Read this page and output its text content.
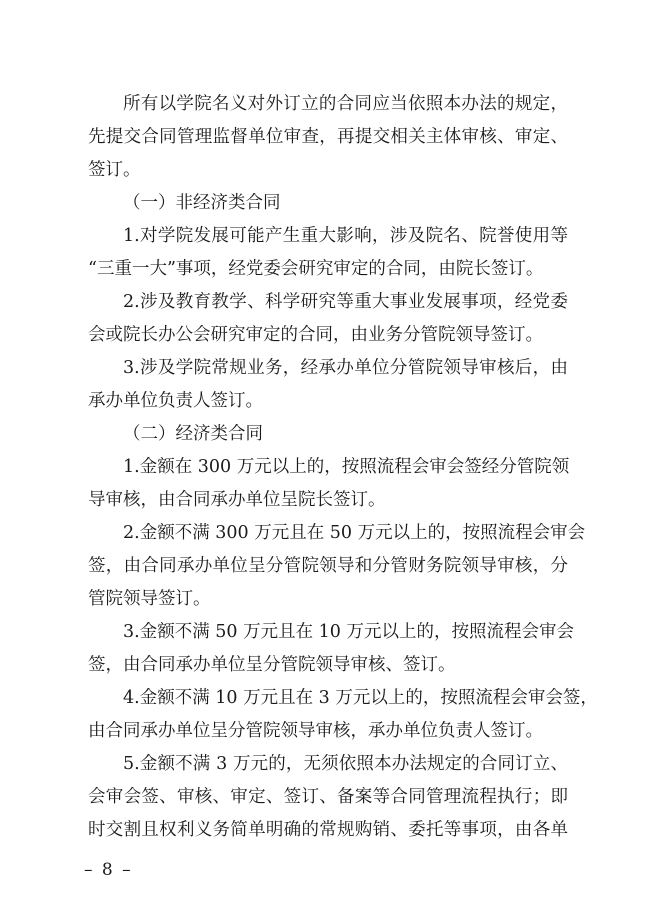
所有以学院名义对外订立的合同应当依照本办法的规定，
先提交合同管理监督单位审查，再提交相关主体审核、审定、
签订。
（一）非经济类合同
1.对学院发展可能产生重大影响，涉及院名、院誉使用等
“三重一大”事项，经党委会研究审定的合同，由院长签订。
2.涉及教育教学、科学研究等重大事业发展事项，经党委
会或院长办公会研究审定的合同，由业务分管院领导签订。
3.涉及学院常规业务，经承办单位分管院领导审核后，由
承办单位负责人签订。
（二）经济类合同
1.金额在 300 万元以上的，按照流程会审会签经分管院领
导审核，由合同承办单位呈院长签订。
2.金额不满 300 万元且在 50 万元以上的，按照流程会审会
签，由合同承办单位呈分管院领导和分管财务院领导审核，分
管院领导签订。
3.金额不满 50 万元且在 10 万元以上的，按照流程会审会
签，由合同承办单位呈分管院领导审核、签订。
4.金额不满 10 万元且在 3 万元以上的，按照流程会审会签，
由合同承办单位呈分管院领导审核，承办单位负责人签订。
5.金额不满 3 万元的，无须依照本办法规定的合同订立、
会审会签、审核、审定、签订、备案等合同管理流程执行；即
时交割且权利义务简单明确的常规购销、委托等事项，由各单
– 8 –
